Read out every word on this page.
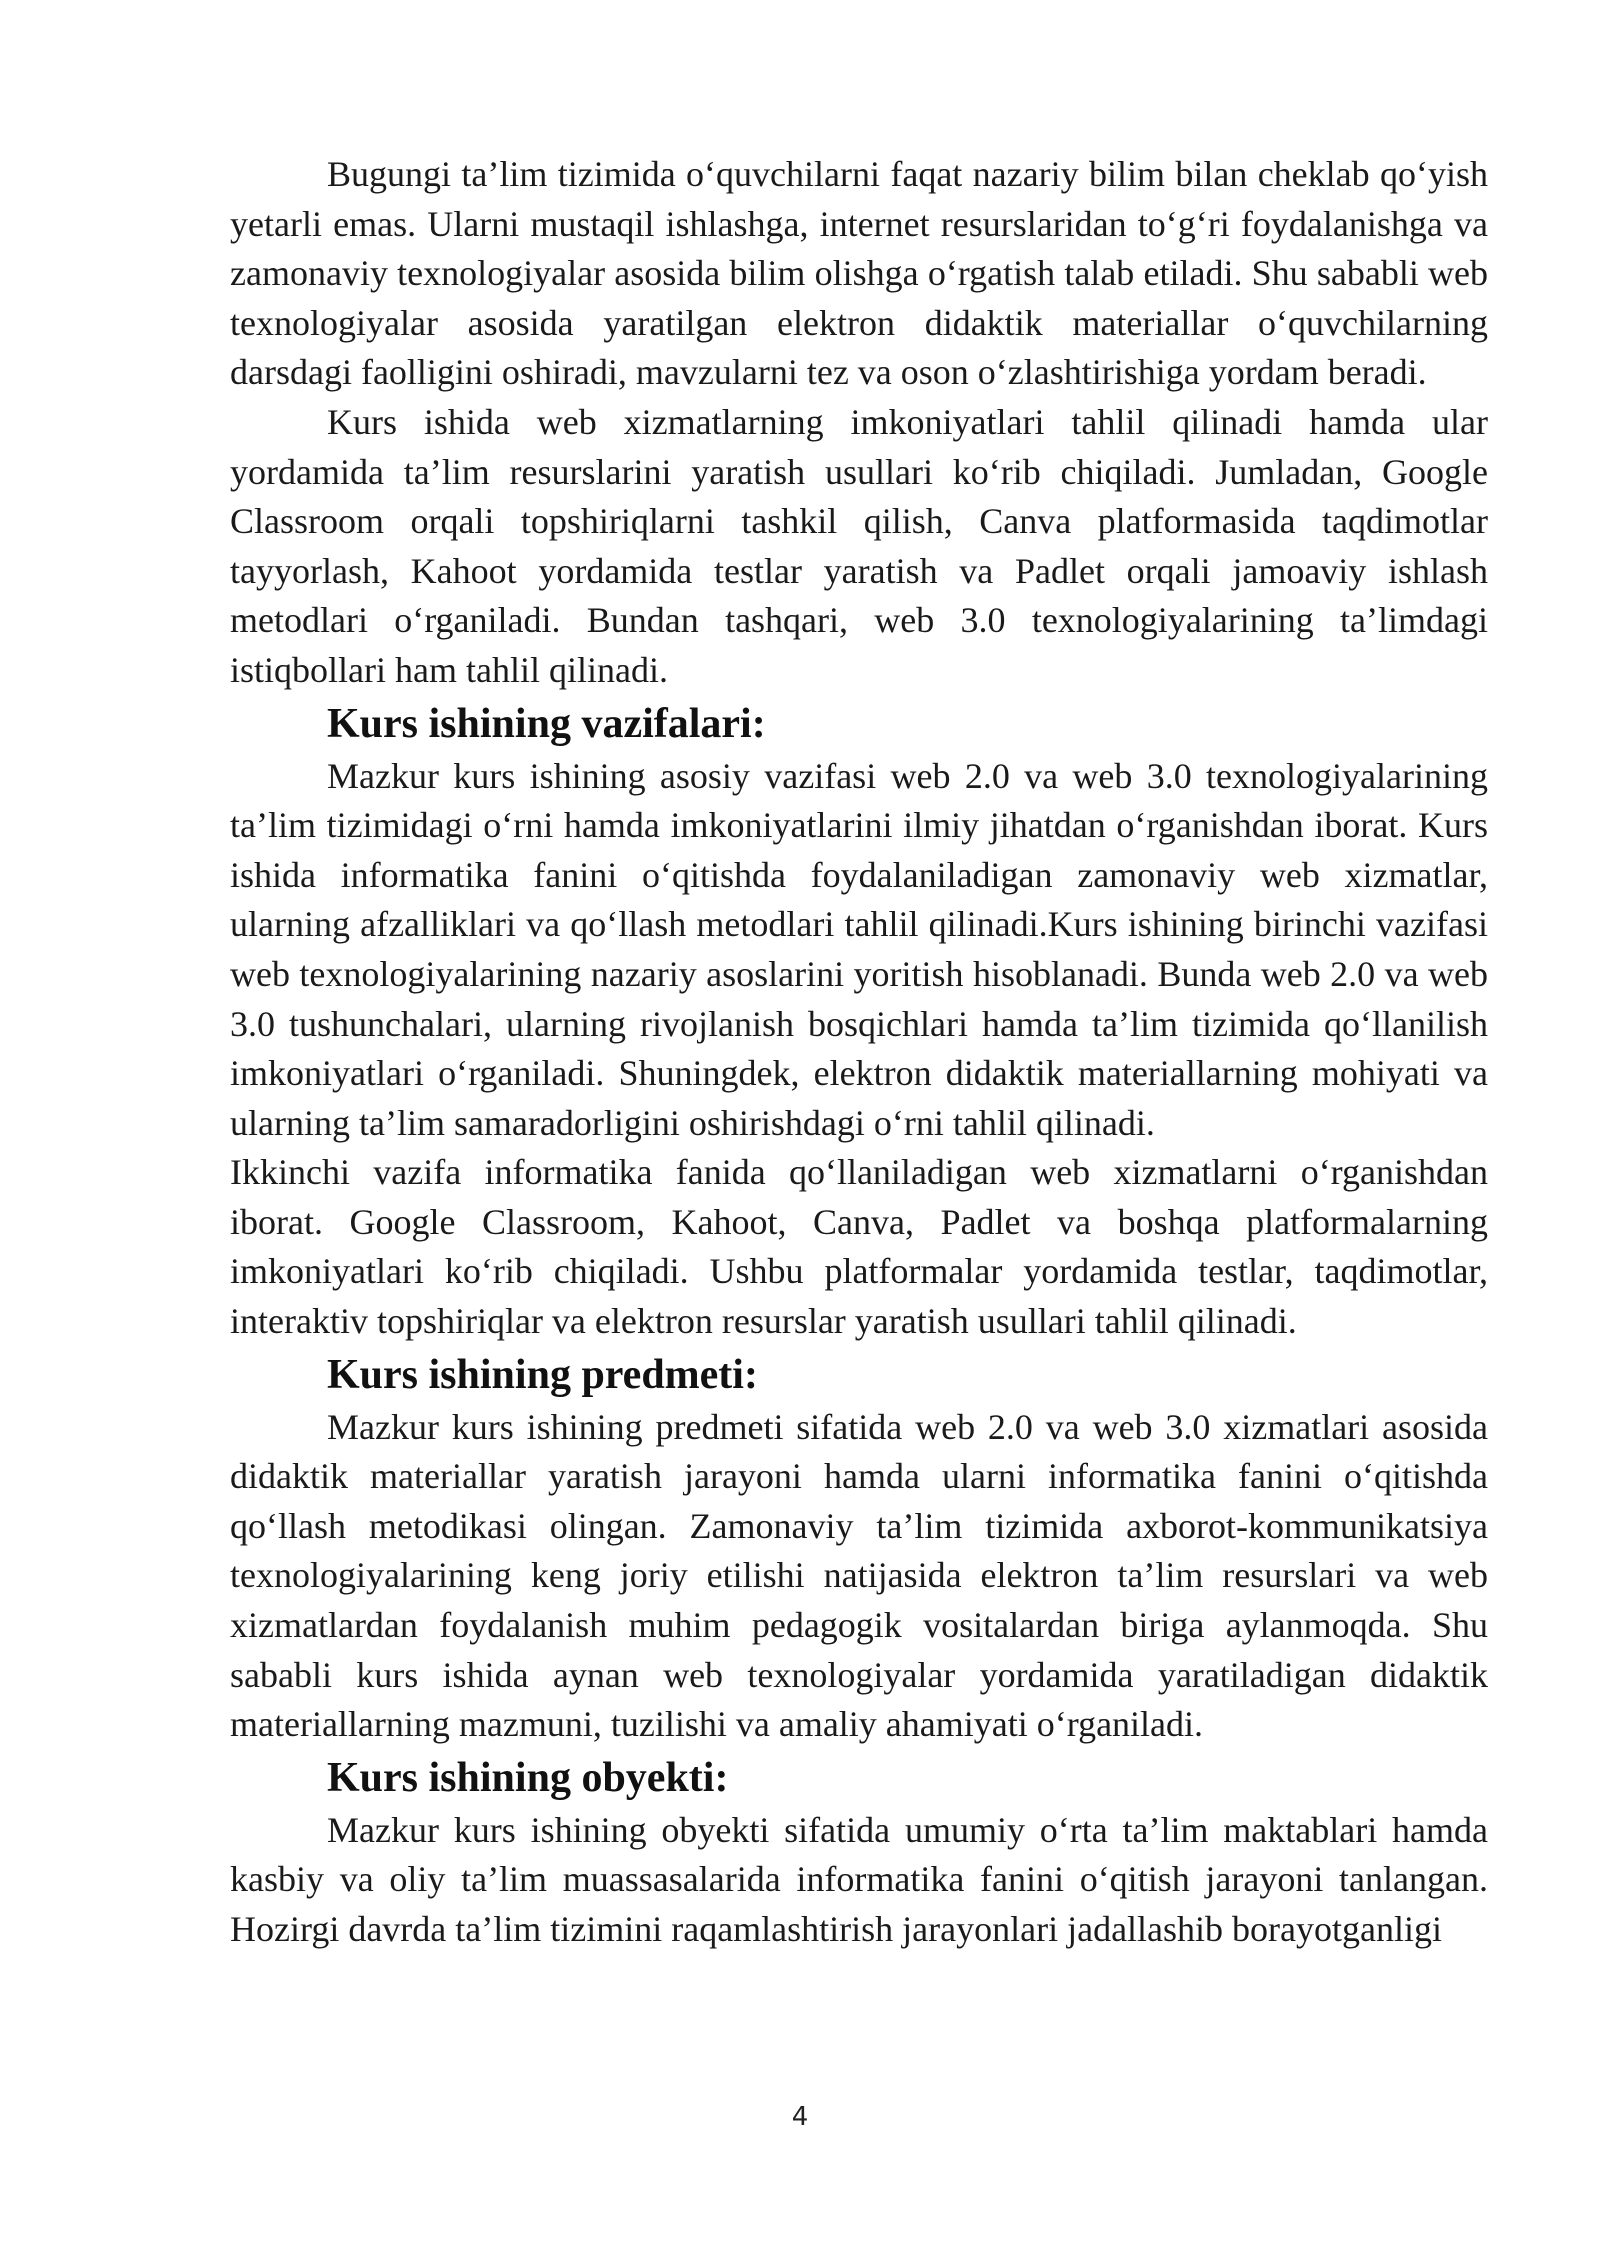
Bugungi ta’lim tizimida o‘quvchilarni faqat nazariy bilim bilan cheklab qo‘yish yetarli emas. Ularni mustaqil ishlashga, internet resurslaridan to‘g‘ri foydalanishga va zamonaviy texnologiyalar asosida bilim olishga o‘rgatish talab etiladi. Shu sababli web texnologiyalar asosida yaratilgan elektron didaktik materiallar o‘quvchilarning darsdagi faolligini oshiradi, mavzularni tez va oson o‘zlashtirishiga yordam beradi.

Kurs ishida web xizmatlarning imkoniyatlari tahlil qilinadi hamda ular yordamida ta’lim resurslarini yaratish usullari ko‘rib chiqiladi. Jumladan, Google Classroom orqali topshiriqlarni tashkil qilish, Canva platformasida taqdimotlar tayyorlash, Kahoot yordamida testlar yaratish va Padlet orqali jamoaviy ishlash metodlari o‘rganiladi. Bundan tashqari, web 3.0 texnologiyalarining ta’limdagi istiqbollari ham tahlil qilinadi.

Kurs ishining vazifalari:

Mazkur kurs ishining asosiy vazifasi web 2.0 va web 3.0 texnologiyalarining ta’lim tizimidagi o‘rni hamda imkoniyatlarini ilmiy jihatdan o‘rganishdan iborat. Kurs ishida informatika fanini o‘qitishda foydalaniladigan zamonaviy web xizmatlar, ularning afzalliklari va qo‘llash metodlari tahlil qilinadi.Kurs ishining birinchi vazifasi web texnologiyalarining nazariy asoslarini yoritish hisoblanadi. Bunda web 2.0 va web 3.0 tushunchalari, ularning rivojlanish bosqichlari hamda ta’lim tizimida qo‘llanilish imkoniyatlari o‘rganiladi. Shuningdek, elektron didaktik materiallarning mohiyati va ularning ta’lim samaradorligini oshirishdagi o‘rni tahlil qilinadi.

Ikkinchi vazifa informatika fanida qo‘llaniladigan web xizmatlarni o‘rganishdan iborat. Google Classroom, Kahoot, Canva, Padlet va boshqa platformalarning imkoniyatlari ko‘rib chiqiladi. Ushbu platformalar yordamida testlar, taqdimotlar, interaktiv topshiriqlar va elektron resurslar yaratish usullari tahlil qilinadi.

Kurs ishining predmeti:

Mazkur kurs ishining predmeti sifatida web 2.0 va web 3.0 xizmatlari asosida didaktik materiallar yaratish jarayoni hamda ularni informatika fanini o‘qitishda qo‘llash metodikasi olingan. Zamonaviy ta’lim tizimida axborot-kommunikatsiya texnologiyalarining keng joriy etilishi natijasida elektron ta’lim resurslari va web xizmatlardan foydalanish muhim pedagogik vositalardan biriga aylanmoqda. Shu sababli kurs ishida aynan web texnologiyalar yordamida yaratiladigan didaktik materiallarning mazmuni, tuzilishi va amaliy ahamiyati o‘rganiladi.

Kurs ishining obyekti:

Mazkur kurs ishining obyekti sifatida umumiy o‘rta ta’lim maktablari hamda kasbiy va oliy ta’lim muassasalarida informatika fanini o‘qitish jarayoni tanlangan. Hozirgi davrda ta’lim tizimini raqamlashtirish jarayonlari jadallashib borayotganligi

4
